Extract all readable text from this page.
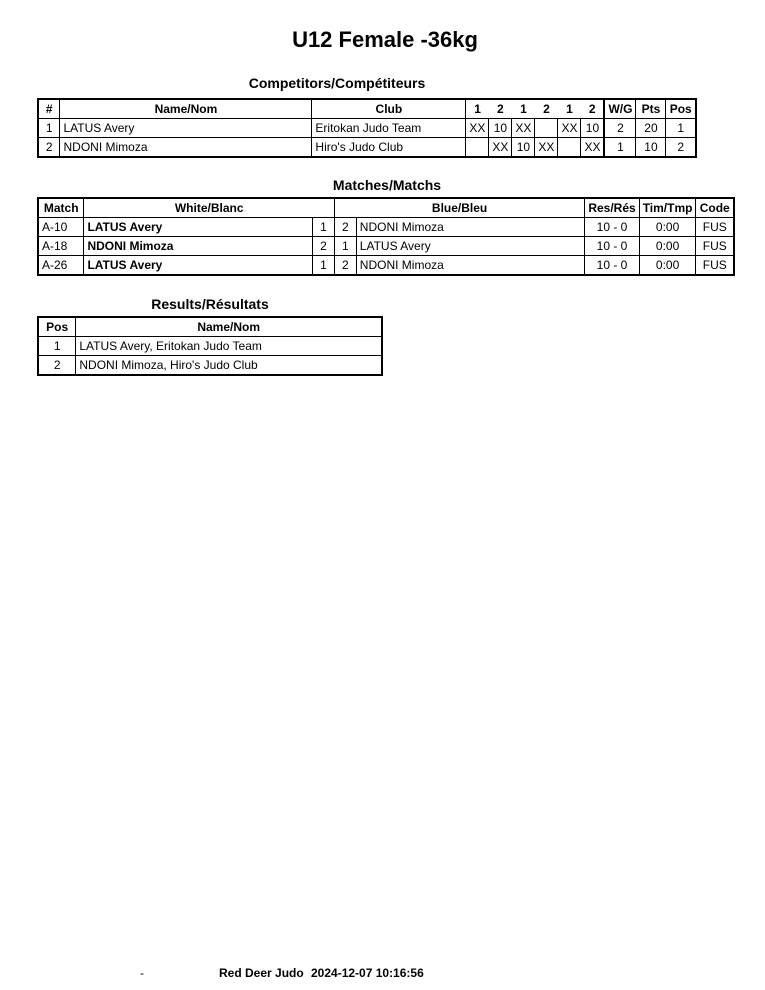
U12 Female -36kg
Competitors/Compétiteurs
#	Name/Nom	Club	1	2	1	2	1	2	W/G	Pts	Pos
1	LATUS Avery	Eritokan Judo Team	XX	10	XX		XX	10	2	20	1
2	NDONI Mimoza	Hiro's Judo Club		XX	10	XX		XX	1	10	2
Matches/Matchs
Match	White/Blanc		Blue/Bleu		Res/Rés	Tim/Tmp	Code
A-10	LATUS Avery	1	2	NDONI Mimoza	10 - 0	0:00	FUS
A-18	NDONI Mimoza	2	1	LATUS Avery	10 - 0	0:00	FUS
A-26	LATUS Avery	1	2	NDONI Mimoza	10 - 0	0:00	FUS
Results/Résultats
Pos	Name/Nom
1	LATUS Avery, Eritokan Judo Team
2	NDONI Mimoza, Hiro's Judo Club
-	Red Deer Judo 2024-12-07 10:16:56
